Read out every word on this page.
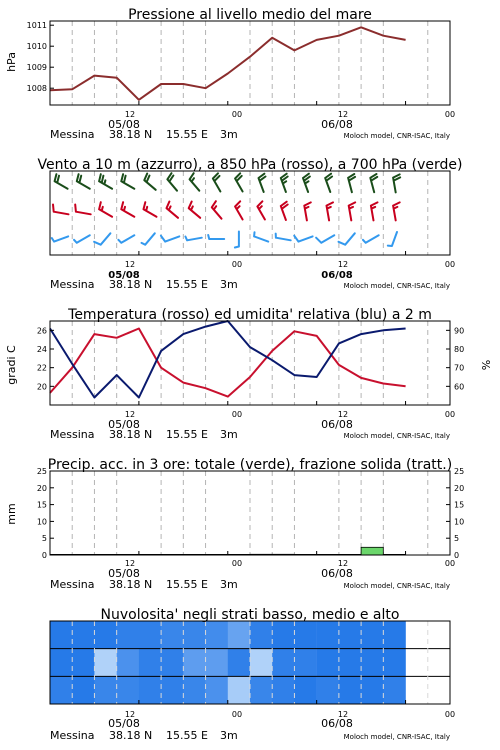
Pressione al livello medio del mare
Vento a 10 m (azzurro), a 850 hPa (rosso), a 700 hPa (verde)
Temperatura (rosso) ed umidita' relativa (blu) a 2 m
Precip. acc. in 3 ore: totale (verde), frazione solida (tratt.)
Nuvolosita' negli strati basso, medio e alto
hPa
gradi C	%
mm
12	00	12	00
05/08	06/08
Messina 38.18 N 15.55 E 3m	Moloch model, CNR-ISAC, Italy
12	00	12	00
05/08	06/08
Messina 38.18 N 15.55 E 3m	Moloch model, CNR-ISAC, Italy
12	00	12	00
05/08	06/08
Messina 38.18 N 15.55 E 3m	Moloch model, CNR-ISAC, Italy
12	00	12	00
05/08	06/08
Messina 38.18 N 15.55 E 3m	Moloch model, CNR-ISAC, Italy
12	00	12	00
05/08	06/08
Messina 38.18 N 15.55 E 3m	Moloch model, CNR-ISAC, Italy
1008
1009
1010
1011
20
22
24
26
60
70
80
90
0
5
10
15
20
25
0
5
10
15
20
25
